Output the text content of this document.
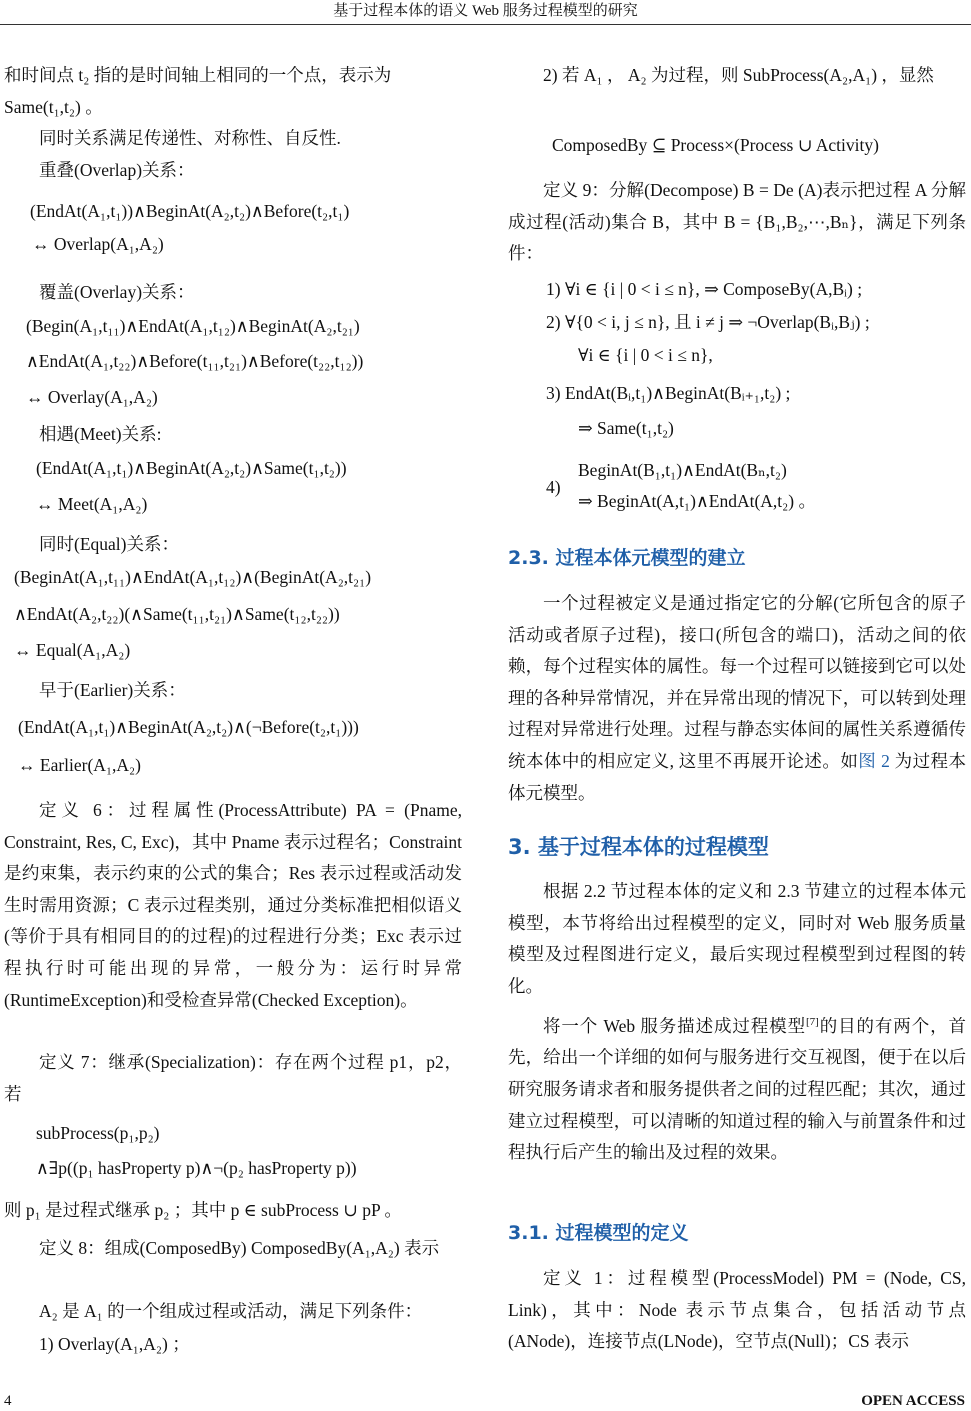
基于过程本体的语义 Web 服务过程模型的研究
和时间点 t₂ 指的是时间轴上相同的一个点，表示为
Same(t₁,t₂) 。
同时关系满足传递性、对称性、自反性.
重叠(Overlap)关系：
(EndAt(A₁,t₁))∧BeginAt(A₂,t₂)∧Before(t₂,t₁)
↔ Overlap(A₁,A₂)
覆盖(Overlay)关系：
(Begin(A₁,t₁₁)∧EndAt(A₁,t₁₂)∧BeginAt(A₂,t₂₁)
∧EndAt(A₁,t₂₂)∧Before(t₁₁,t₂₁)∧Before(t₂₂,t₁₂))
↔ Overlay(A₁,A₂)
相遇(Meet)关系:
(EndAt(A₁,t₁)∧BeginAt(A₂,t₂)∧Same(t₁,t₂))
↔ Meet(A₁,A₂)
同时(Equal)关系：
(BeginAt(A₁,t₁₁)∧EndAt(A₁,t₁₂)∧(BeginAt(A₂,t₂₁)
∧EndAt(A₂,t₂₂)(∧Same(t₁₁,t₂₁)∧Same(t₁₂,t₂₂))
↔ Equal(A₁,A₂)
早于(Earlier)关系：
(EndAt(A₁,t₁)∧BeginAt(A₂,t₂)∧(¬Before(t₂,t₁)))
↔ Earlier(A₁,A₂)
定义 6：过程属性(ProcessAttribute) PA = (Pname, Constraint, Res, C, Exc)，其中 Pname 表示过程名；Constraint 是约束集，表示约束的公式的集合；Res 表示过程或活动发生时需用资源；C 表示过程类别，通过分类标准把相似语义(等价于具有相同目的的过程)的过程进行分类；Exc 表示过程执行时可能出现的异常，一般分为：运行时异常(RuntimeException)和受检查异常(Checked Exception)。
定义 7：继承(Specialization)：存在两个过程 p1，p2，若
subProcess(p₁,p₂)
∧∃p((p₁ hasProperty p)∧¬(p₂ hasProperty p))
则 p₁ 是过程式继承 p₂ ；其中 p ∈ subProcess ∪ pP 。
定义 8：组成(ComposedBy) ComposedBy(A₁,A₂) 表示
A₂ 是 A₁ 的一个组成过程或活动，满足下列条件：
1) Overlay(A₁,A₂) ；
2) 若 A₁ ， A₂ 为过程，则 SubProcess(A₂,A₁) ，显然
ComposedBy ⊆ Process×(Process ∪ Activity)
定义 9：分解(Decompose) B = De (A)表示把过程 A 分解成过程(活动)集合 B，其中 B = {B₁,B₂,⋯,Bₙ}，满足下列条件：
1) ∀i ∈ {i | 0 < i ≤ n}, ⇒ ComposeBy(A,Bᵢ) ;
2) ∀{0 < i, j ≤ n}, 且 i ≠ j ⇒ ¬Overlap(Bᵢ,Bⱼ) ;
∀i ∈ {i | 0 < i ≤ n},
3) EndAt(Bᵢ,t₁)∧BeginAt(Bᵢ₊₁,t₂) ;
⇒ Same(t₁,t₂)
4)
BeginAt(B₁,t₁)∧EndAt(Bₙ,t₂)
⇒ BeginAt(A,t₁)∧EndAt(A,t₂) 。
2.3. 过程本体元模型的建立
一个过程被定义是通过指定它的分解(它所包含的原子活动或者原子过程)，接口(所包含的端口)，活动之间的依赖，每个过程实体的属性。每一个过程可以链接到它可以处理的各种异常情况，并在异常出现的情况下，可以转到处理过程对异常进行处理。过程与静态实体间的属性关系遵循传统本体中的相应定义, 这里不再展开论述。如图 2 为过程本体元模型。
3. 基于过程本体的过程模型
根据 2.2 节过程本体的定义和 2.3 节建立的过程本体元模型，本节将给出过程模型的定义，同时对 Web 服务质量模型及过程图进行定义，最后实现过程模型到过程图的转化。
将一个 Web 服务描述成过程模型[7]的目的有两个，首先，给出一个详细的如何与服务进行交互视图，便于在以后研究服务请求者和服务提供者之间的过程匹配；其次，通过建立过程模型，可以清晰的知道过程的输入与前置条件和过程执行后产生的输出及过程的效果。
3.1. 过程模型的定义
定义 1：过程模型(ProcessModel) PM = (Node, CS, Link)，其中：Node 表示节点集合，包括活动节点(ANode)，连接节点(LNode)，空节点(Null)；CS 表示
4	OPEN ACCESS
